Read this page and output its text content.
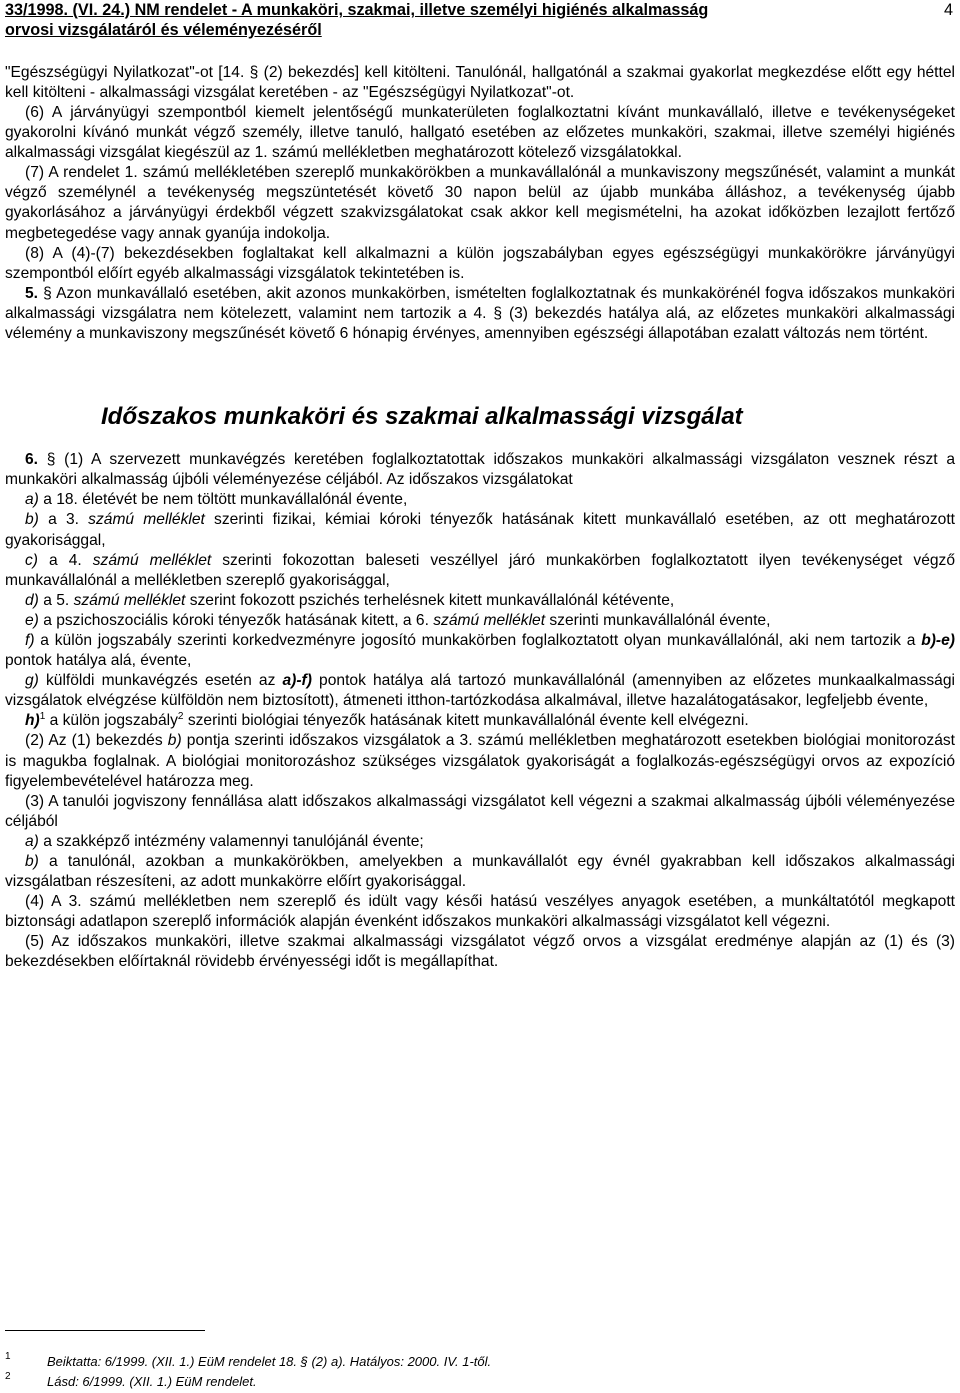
33/1998. (VI. 24.) NM rendelet - A munkaköri, szakmai, illetve személyi higiénés alkalmasság
orvosi vizsgálatáról és véleményezéséről
4

"Egészségügyi Nyilatkozat"-ot [14. § (2) bekezdés] kell kitölteni. Tanulónál, hallgatónál a szakmai gyakorlat megkezdése előtt egy héttel kell kitölteni - alkalmassági vizsgálat keretében - az "Egészségügyi Nyilatkozat"-ot.

(6) A járványügyi szempontból kiemelt jelentőségű munkaterületen foglalkoztatni kívánt munkavállaló, illetve e tevékenységeket gyakorolni kívánó munkát végző személy, illetve tanuló, hallgató esetében az előzetes munkaköri, szakmai, illetve személyi higiénés alkalmassági vizsgálat kiegészül az 1. számú mellékletben meghatározott kötelező vizsgálatokkal.

(7) A rendelet 1. számú mellékletében szereplő munkakörökben a munkavállalónál a munkaviszony megszűnését, valamint a munkát végző személynél a tevékenység megszüntetését követő 30 napon belül az újabb munkába álláshoz, a tevékenység újabb gyakorlásához a járványügyi érdekből végzett szakvizsgálatokat csak akkor kell megismételni, ha azokat időközben lezajlott fertőző megbetegedése vagy annak gyanúja indokolja.

(8) A (4)-(7) bekezdésekben foglaltakat kell alkalmazni a külön jogszabályban egyes egészségügyi munkakörökre járványügyi szempontból előírt egyéb alkalmassági vizsgálatok tekintetében is.

5. § Azon munkavállaló esetében, akit azonos munkakörben, ismételten foglalkoztatnak és munkakörénél fogva időszakos munkaköri alkalmassági vizsgálatra nem kötelezett, valamint nem tartozik a 4. § (3) bekezdés hatálya alá, az előzetes munkaköri alkalmassági vélemény a munkaviszony megszűnését követő 6 hónapig érvényes, amennyiben egészségi állapotában ezalatt változás nem történt.

Időszakos munkaköri és szakmai alkalmassági vizsgálat

6. § (1) A szervezett munkavégzés keretében foglalkoztatottak időszakos munkaköri alkalmassági vizsgálaton vesznek részt a munkaköri alkalmasság újbóli véleményezése céljából. Az időszakos vizsgálatokat

a) a 18. életévét be nem töltött munkavállalónál évente,

b) a 3. számú melléklet szerinti fizikai, kémiai kóroki tényezők hatásának kitett munkavállaló esetében, az ott meghatározott gyakorisággal,

c) a 4. számú melléklet szerinti fokozottan baleseti veszéllyel járó munkakörben foglalkoztatott ilyen tevékenységet végző munkavállalónál a mellékletben szereplő gyakorisággal,

d) a 5. számú melléklet szerint fokozott pszichés terhelésnek kitett munkavállalónál kétévente,

e) a pszichoszociális kóroki tényezők hatásának kitett, a 6. számú melléklet szerinti munkavállalónál évente,

f) a külön jogszabály szerinti korkedvezményre jogosító munkakörben foglalkoztatott olyan munkavállalónál, aki nem tartozik a b)-e) pontok hatálya alá, évente,

g) külföldi munkavégzés esetén az a)-f) pontok hatálya alá tartozó munkavállalónál (amennyiben az előzetes munkaalkalmassági vizsgálatok elvégzése külföldön nem biztosított), átmeneti itthon-tartózkodása alkalmával, illetve hazalátogatásakor, legfeljebb évente,

h)$^1$ a külön jogszabály$^2$ szerinti biológiai tényezők hatásának kitett munkavállalónál évente kell elvégezni.

(2) Az (1) bekezdés b) pontja szerinti időszakos vizsgálatok a 3. számú mellékletben meghatározott esetekben biológiai monitorozást is magukba foglalnak. A biológiai monitorozáshoz szükséges vizsgálatok gyakoriságát a foglalkozás-egészségügyi orvos az expozíció figyelembevételével határozza meg.

(3) A tanulói jogviszony fennállása alatt időszakos alkalmassági vizsgálatot kell végezni a szakmai alkalmasság újbóli véleményezése céljából

a) a szakképző intézmény valamennyi tanulójánál évente;

b) a tanulónál, azokban a munkakörökben, amelyekben a munkavállalót egy évnél gyakrabban kell időszakos alkalmassági vizsgálatban részesíteni, az adott munkakörre előírt gyakorisággal.

(4) A 3. számú mellékletben nem szereplő és idült vagy késői hatású veszélyes anyagok esetében, a munkáltatótól megkapott biztonsági adatlapon szereplő információk alapján évenként időszakos munkaköri alkalmassági vizsgálatot kell végezni.

(5) Az időszakos munkaköri, illetve szakmai alkalmassági vizsgálatot végző orvos a vizsgálat eredménye alapján az (1) és (3) bekezdésekben előírtaknál rövidebb érvényességi időt is megállapíthat.

1	Beiktatta: 6/1999. (XII. 1.) EüM rendelet 18. § (2) a). Hatályos: 2000. IV. 1-től.
2	Lásd: 6/1999. (XII. 1.) EüM rendelet.
